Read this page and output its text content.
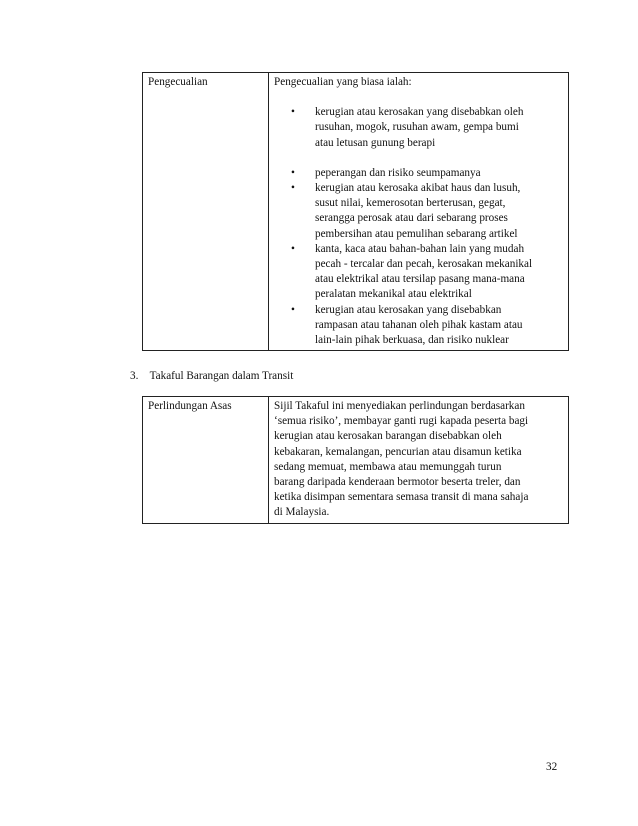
Pengecualian	Pengecualian yang biasa ialah:
• kerugian atau kerosakan yang disebabkan oleh
rusuhan, mogok, rusuhan awam, gempa bumi
atau letusan gunung berapi
• peperangan dan risiko seumpamanya
• kerugian atau kerosaka akibat haus dan lusuh,
susut nilai, kemerosotan berterusan, gegat,
serangga perosak atau dari sebarang proses
pembersihan atau pemulihan sebarang artikel
• kanta, kaca atau bahan-bahan lain yang mudah
pecah - tercalar dan pecah, kerosakan mekanikal
atau elektrikal atau tersilap pasang mana-mana
peralatan mekanikal atau elektrikal
• kerugian atau kerosakan yang disebabkan
rampasan atau tahanan oleh pihak kastam atau
lain-lain pihak berkuasa, dan risiko nuklear
3. Takaful Barangan dalam Transit
Perlindungan Asas	Sijil Takaful ini menyediakan perlindungan berdasarkan
‘semua risiko’, membayar ganti rugi kapada peserta bagi
kerugian atau kerosakan barangan disebabkan oleh
kebakaran, kemalangan, pencurian atau disamun ketika
sedang memuat, membawa atau memunggah turun
barang daripada kenderaan bermotor beserta treler, dan
ketika disimpan sementara semasa transit di mana sahaja
di Malaysia.
32
